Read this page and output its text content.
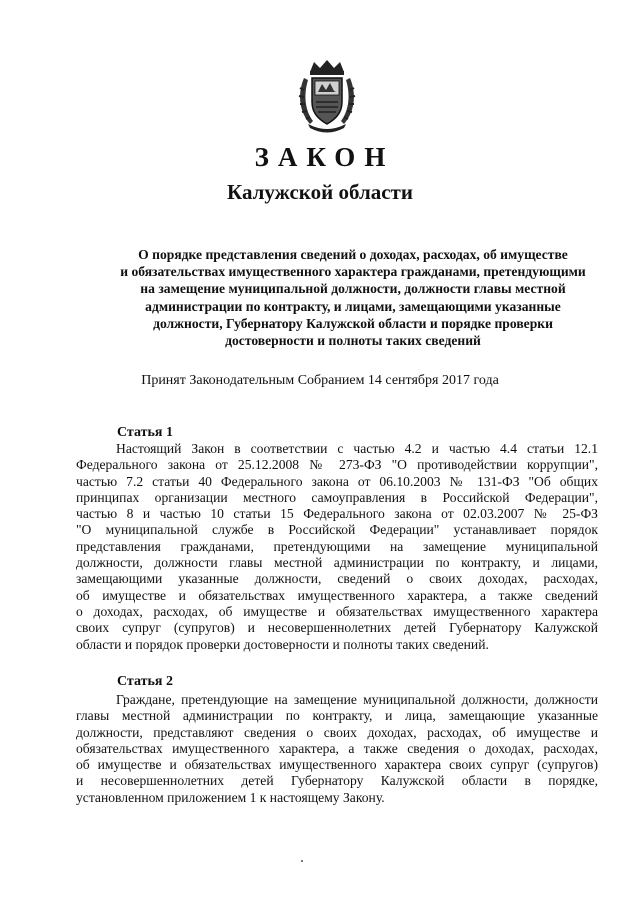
ЗАКОН
Калужской области
О порядке представления сведений о доходах, расходах, об имуществе
и обязательствах имущественного характера гражданами, претендующими
на замещение муниципальной должности, должности главы местной
администрации по контракту, и лицами, замещающими указанные
должности, Губернатору Калужской области и порядке проверки
достоверности и полноты таких сведений
Принят Законодательным Собранием 14 сентября 2017 года
Статья 1
Настоящий Закон в соответствии с частью 4.2 и частью 4.4 статьи 12.1
Федерального закона от 25.12.2008 № 273-ФЗ "О противодействии коррупции",
частью 7.2 статьи 40 Федерального закона от 06.10.2003 № 131-ФЗ "Об общих
принципах организации местного самоуправления в Российской Федерации",
частью 8 и частью 10 статьи 15 Федерального закона от 02.03.2007 № 25-ФЗ
"О муниципальной службе в Российской Федерации" устанавливает порядок
представления гражданами, претендующими на замещение муниципальной
должности, должности главы местной администрации по контракту, и лицами,
замещающими указанные должности, сведений о своих доходах, расходах,
об имуществе и обязательствах имущественного характера, а также сведений
о доходах, расходах, об имуществе и обязательствах имущественного характера
своих супруг (супругов) и несовершеннолетних детей Губернатору Калужской
области и порядок проверки достоверности и полноты таких сведений.
Статья 2
Граждане, претендующие на замещение муниципальной должности, должности
главы местной администрации по контракту, и лица, замещающие указанные
должности, представляют сведения о своих доходах, расходах, об имуществе и
обязательствах имущественного характера, а также сведения о доходах, расходах,
об имуществе и обязательствах имущественного характера своих супруг (супругов)
и несовершеннолетних детей Губернатору Калужской области в порядке,
установленном приложением 1 к настоящему Закону.
